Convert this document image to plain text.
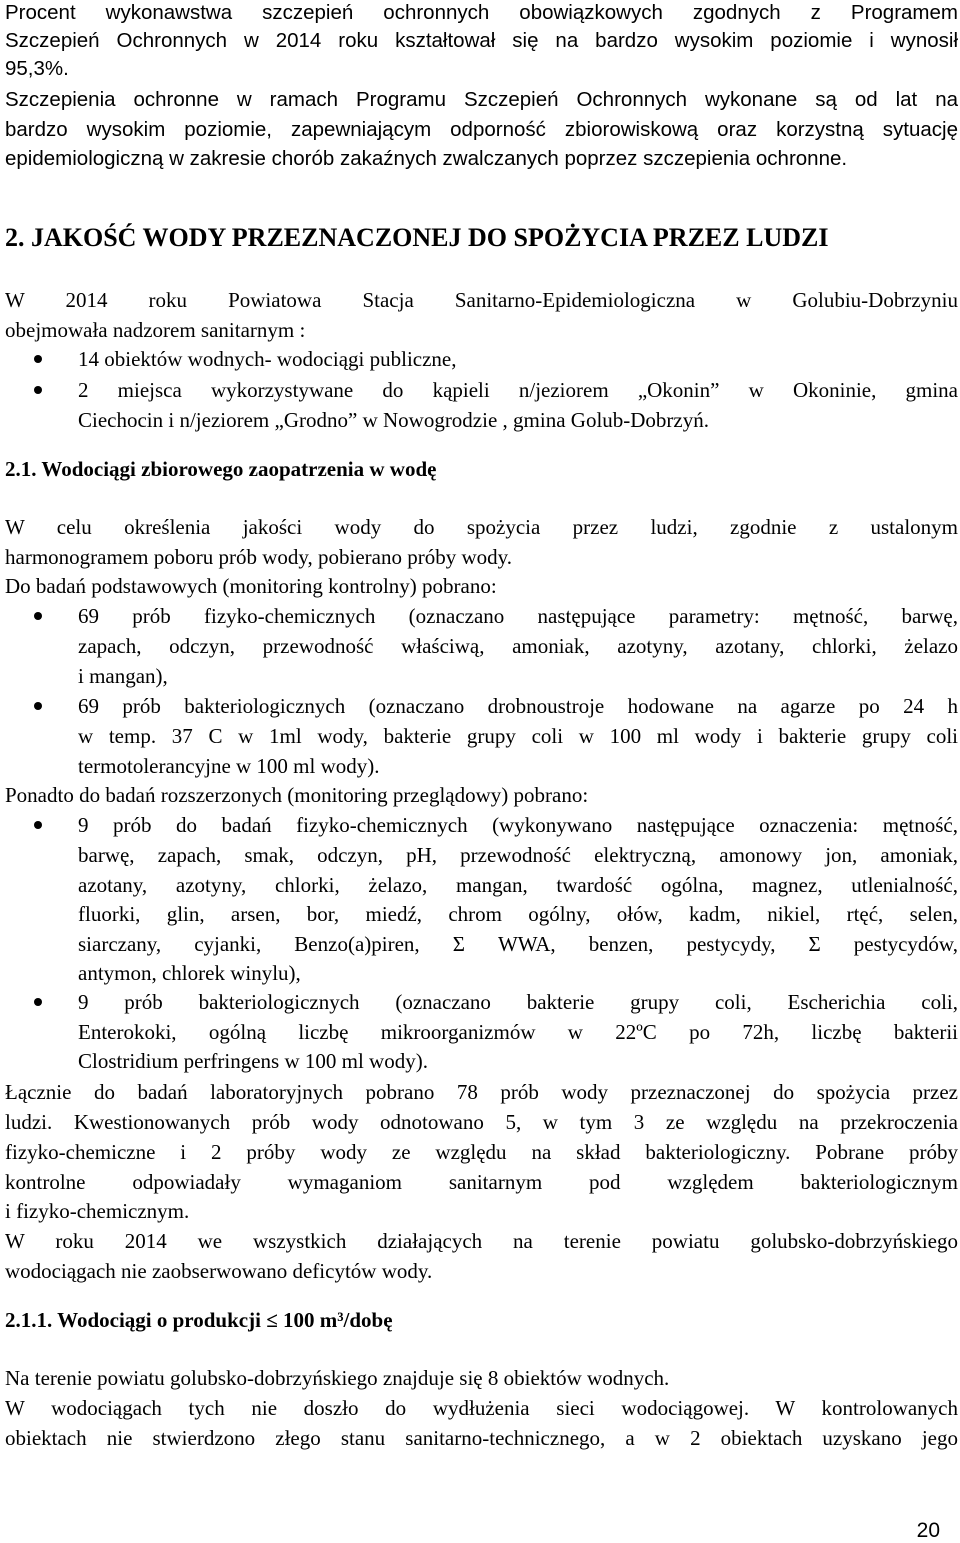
Procent wykonawstwa szczepień ochronnych obowiązkowych zgodnych z Programem
Szczepień Ochronnych w 2014 roku kształtował się na bardzo wysokim poziomie i wynosił
95,3%.
Szczepienia ochronne w ramach Programu Szczepień Ochronnych wykonane są od lat na
bardzo wysokim poziomie, zapewniającym odporność zbiorowiskową oraz korzystną sytuację
epidemiologiczną w zakresie chorób zakaźnych zwalczanych poprzez szczepienia ochronne.
2. JAKOŚĆ WODY PRZEZNACZONEJ DO SPOŻYCIA PRZEZ LUDZI
W 2014 roku Powiatowa Stacja Sanitarno-Epidemiologiczna w Golubiu-Dobrzyniu
obejmowała nadzorem sanitarnym :
14 obiektów wodnych- wodociągi publiczne,
2 miejsca wykorzystywane do kąpieli n/jeziorem „Okonin” w Okoninie, gmina
Ciechocin i n/jeziorem „Grodno” w Nowogrodzie , gmina Golub-Dobrzyń.
2.1. Wodociągi zbiorowego zaopatrzenia w wodę
W celu określenia jakości wody do spożycia przez ludzi, zgodnie z ustalonym
harmonogramem poboru prób wody, pobierano próby wody.
Do badań podstawowych (monitoring kontrolny) pobrano:
69 prób fizyko-chemicznych (oznaczano następujące parametry: mętność, barwę,
zapach, odczyn, przewodność właściwą, amoniak, azotyny, azotany, chlorki, żelazo
i mangan),
69 prób bakteriologicznych (oznaczano drobnoustroje hodowane na agarze po 24 h
w temp. 37 C w 1ml wody, bakterie grupy coli w 100 ml wody i bakterie grupy coli
termotolerancyjne w 100 ml wody).
Ponadto do badań rozszerzonych (monitoring przeglądowy) pobrano:
9 prób do badań fizyko-chemicznych (wykonywano następujące oznaczenia: mętność,
barwę, zapach, smak, odczyn, pH, przewodność elektryczną, amonowy jon, amoniak,
azotany, azotyny, chlorki, żelazo, mangan, twardość ogólna, magnez, utlenialność,
fluorki, glin, arsen, bor, miedź, chrom ogólny, ołów, kadm, nikiel, rtęć, selen,
siarczany, cyjanki, Benzo(a)piren, Σ WWA, benzen, pestycydy, Σ pestycydów,
antymon, chlorek winylu),
9 prób bakteriologicznych (oznaczano bakterie grupy coli, Escherichia coli,
Enterokoki, ogólną liczbę mikroorganizmów w 22ºC po 72h, liczbę bakterii
Clostridium perfringens w 100 ml wody).
Łącznie do badań laboratoryjnych pobrano 78 prób wody przeznaczonej do spożycia przez
ludzi. Kwestionowanych prób wody odnotowano 5, w tym 3 ze względu na przekroczenia
fizyko-chemiczne i 2 próby wody ze względu na skład bakteriologiczny. Pobrane próby
kontrolne odpowiadały wymaganiom sanitarnym pod względem bakteriologicznym
i fizyko-chemicznym.
W roku 2014 we wszystkich działających na terenie powiatu golubsko-dobrzyńskiego
wodociągach nie zaobserwowano deficytów wody.
2.1.1. Wodociągi o produkcji ≤ 100 m³/dobę
Na terenie powiatu golubsko-dobrzyńskiego znajduje się 8 obiektów wodnych.
W wodociągach tych nie doszło do wydłużenia sieci wodociągowej. W kontrolowanych
obiektach nie stwierdzono złego stanu sanitarno-technicznego, a w 2 obiektach uzyskano jego
20
